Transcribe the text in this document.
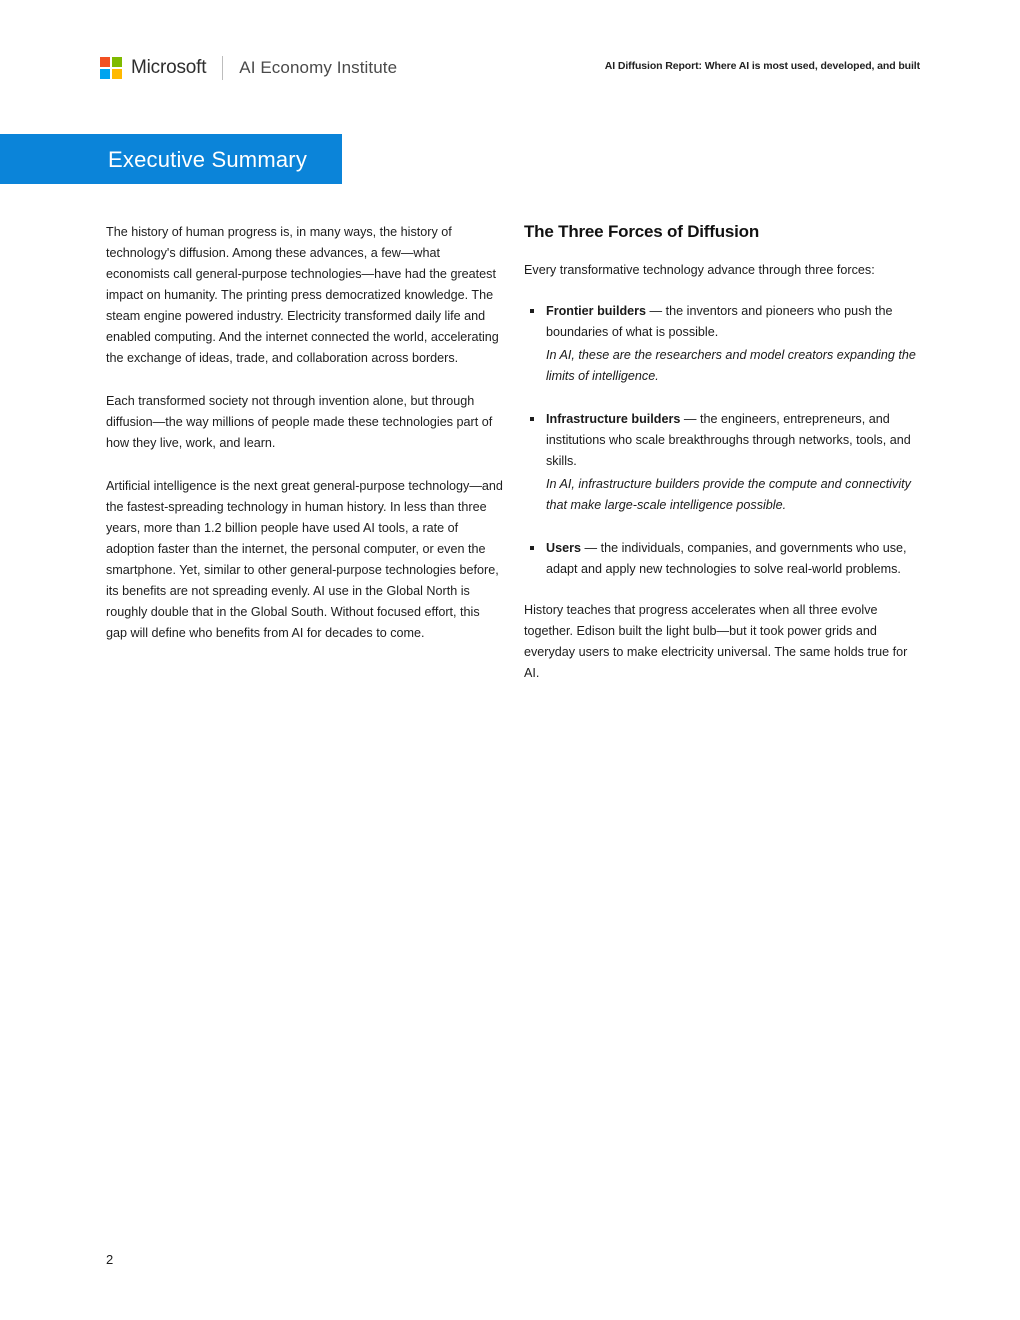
Microsoft AI Economy Institute	AI Diffusion Report: Where AI is most used, developed, and built
Executive Summary

The history of human progress is, in many ways, the history of technology's diffusion. Among these advances, a few—what economists call general-purpose technologies—have had the greatest impact on humanity. The printing press democratized knowledge. The steam engine powered industry. Electricity transformed daily life and enabled computing. And the internet connected the world, accelerating the exchange of ideas, trade, and collaboration across borders.

Each transformed society not through invention alone, but through diffusion—the way millions of people made these technologies part of how they live, work, and learn.

Artificial intelligence is the next great general-purpose technology—and the fastest-spreading technology in human history. In less than three years, more than 1.2 billion people have used AI tools, a rate of adoption faster than the internet, the personal computer, or even the smartphone. Yet, similar to other general-purpose technologies before, its benefits are not spreading evenly. AI use in the Global North is roughly double that in the Global South. Without focused effort, this gap will define who benefits from AI for decades to come.

The Three Forces of Diffusion

Every transformative technology advance through three forces:

Frontier builders — the inventors and pioneers who push the boundaries of what is possible.
In AI, these are the researchers and model creators expanding the limits of intelligence.
Infrastructure builders — the engineers, entrepreneurs, and institutions who scale breakthroughs through networks, tools, and skills.
In AI, infrastructure builders provide the compute and connectivity that make large-scale intelligence possible.
Users — the individuals, companies, and governments who use, adapt and apply new technologies to solve real-world problems.

History teaches that progress accelerates when all three evolve together. Edison built the light bulb—but it took power grids and everyday users to make electricity universal. The same holds true for AI.

2
